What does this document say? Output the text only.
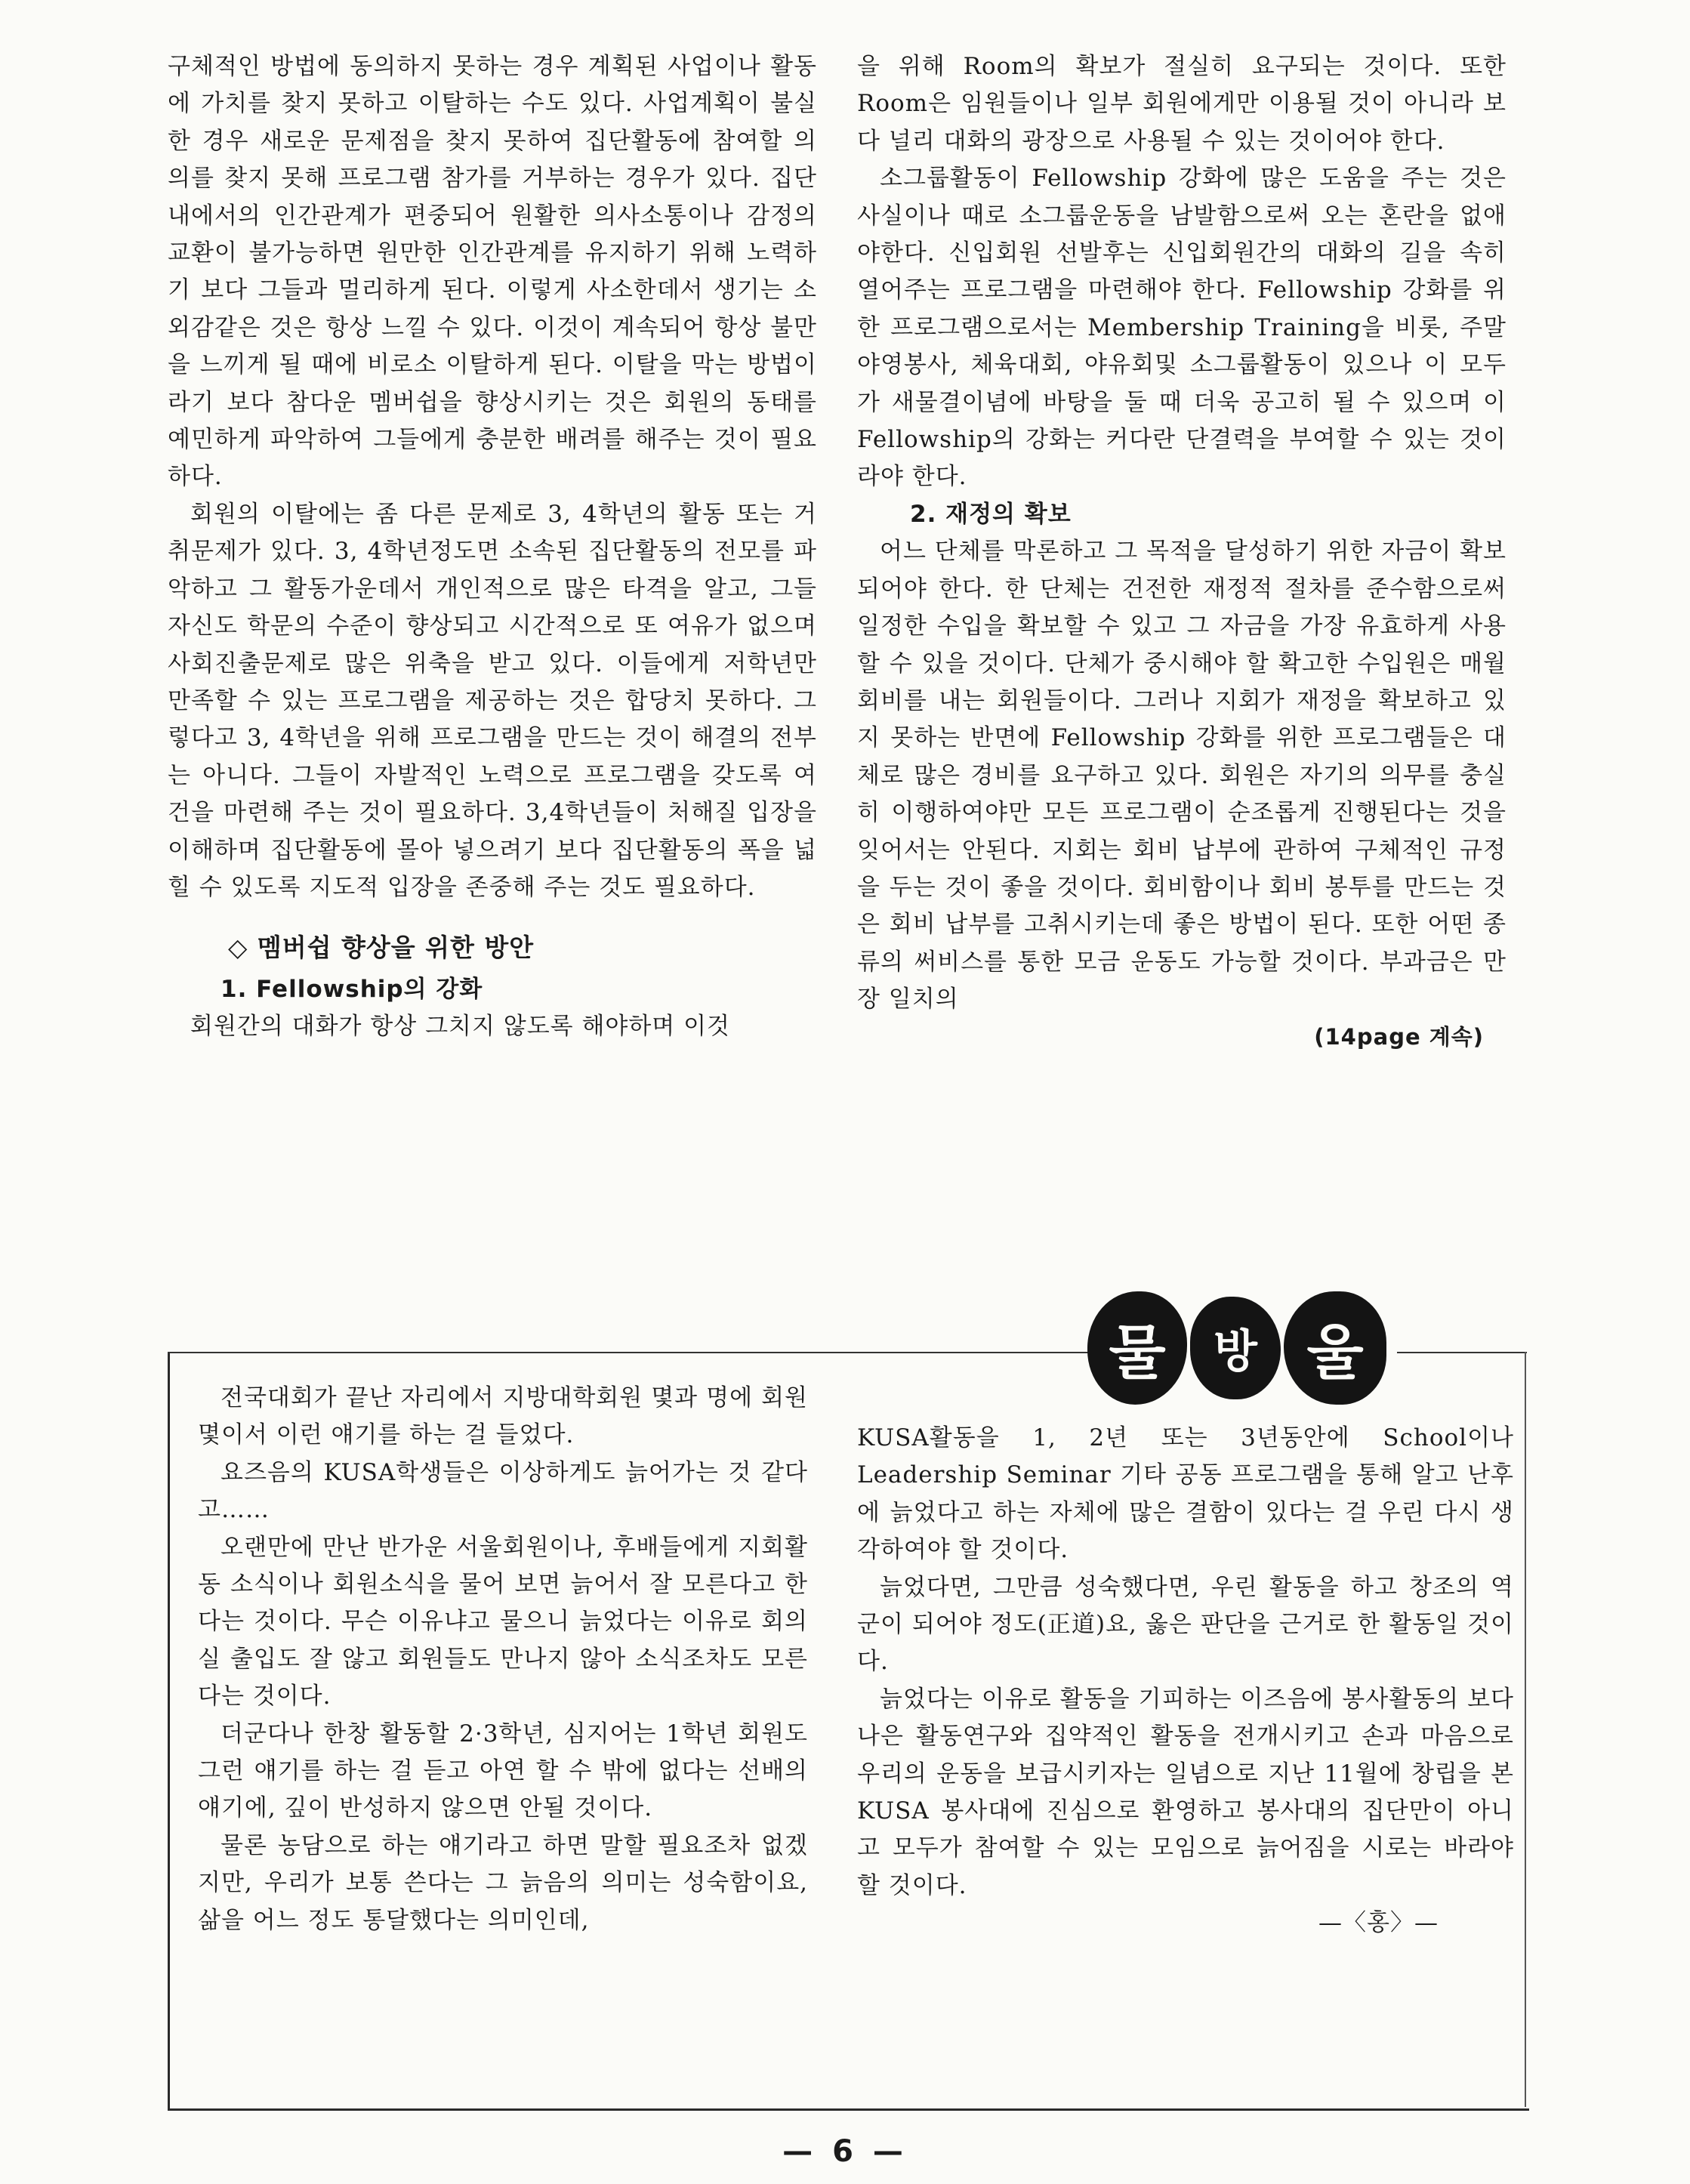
구체적인 방법에 동의하지 못하는 경우 계획된 사업이나 활동에 가치를 찾지 못하고 이탈하는 수도 있다. 사업계획이 불실한 경우 새로운 문제점을 찾지 못하여 집단활동에 참여할 의의를 찾지 못해 프로그램 참가를 거부하는 경우가 있다. 집단내에서의 인간관계가 편중되어 원활한 의사소통이나 감정의 교환이 불가능하면 원만한 인간관계를 유지하기 위해 노력하기 보다 그들과 멀리하게 된다. 이렇게 사소한데서 생기는 소외감같은 것은 항상 느낄 수 있다. 이것이 계속되어 항상 불만을 느끼게 될 때에 비로소 이탈하게 된다. 이탈을 막는 방법이라기 보다 참다운 멤버쉽을 향상시키는 것은 회원의 동태를 예민하게 파악하여 그들에게 충분한 배려를 해주는 것이 필요하다.

회원의 이탈에는 좀 다른 문제로 3, 4학년의 활동 또는 거취문제가 있다. 3, 4학년정도면 소속된 집단활동의 전모를 파악하고 그 활동가운데서 개인적으로 많은 타격을 알고, 그들 자신도 학문의 수준이 향상되고 시간적으로 또 여유가 없으며 사회진출문제로 많은 위축을 받고 있다. 이들에게 저학년만 만족할 수 있는 프로그램을 제공하는 것은 합당치 못하다. 그렇다고 3, 4학년을 위해 프로그램을 만드는 것이 해결의 전부는 아니다. 그들이 자발적인 노력으로 프로그램을 갖도록 여건을 마련해 주는 것이 필요하다. 3,4학년들이 처해질 입장을 이해하며 집단활동에 몰아 넣으려기 보다 집단활동의 폭을 넓힐 수 있도록 지도적 입장을 존중해 주는 것도 필요하다.

◇ 멤버쉽 향상을 위한 방안

1. Fellowship의 강화

회원간의 대화가 항상 그치지 않도록 해야하며 이것

을 위해 Room의 확보가 절실히 요구되는 것이다. 또한 Room은 임원들이나 일부 회원에게만 이용될 것이 아니라 보다 널리 대화의 광장으로 사용될 수 있는 것이어야 한다.

소그룹활동이 Fellowship 강화에 많은 도움을 주는 것은 사실이나 때로 소그룹운동을 남발함으로써 오는 혼란을 없애야한다. 신입회원 선발후는 신입회원간의 대화의 길을 속히 열어주는 프로그램을 마련해야 한다. Fellowship 강화를 위한 프로그램으로서는 Membership Training을 비롯, 주말야영봉사, 체육대회, 야유회및 소그룹활동이 있으나 이 모두가 새물결이념에 바탕을 둘 때 더욱 공고히 될 수 있으며 이 Fellowship의 강화는 커다란 단결력을 부여할 수 있는 것이라야 한다.

2. 재정의 확보

어느 단체를 막론하고 그 목적을 달성하기 위한 자금이 확보되어야 한다. 한 단체는 건전한 재정적 절차를 준수함으로써 일정한 수입을 확보할 수 있고 그 자금을 가장 유효하게 사용할 수 있을 것이다. 단체가 중시해야 할 확고한 수입원은 매월 회비를 내는 회원들이다. 그러나 지회가 재정을 확보하고 있지 못하는 반면에 Fellowship 강화를 위한 프로그램들은 대체로 많은 경비를 요구하고 있다. 회원은 자기의 의무를 충실히 이행하여야만 모든 프로그램이 순조롭게 진행된다는 것을 잊어서는 안된다. 지회는 회비 납부에 관하여 구체적인 규정을 두는 것이 좋을 것이다. 회비함이나 회비 봉투를 만드는 것은 회비 납부를 고취시키는데 좋은 방법이 된다. 또한 어떤 종류의 써비스를 통한 모금 운동도 가능할 것이다. 부과금은 만장 일치의

(14page 계속)

물	방 울

전국대회가 끝난 자리에서 지방대학회원 몇과 명에 회원 몇이서 이런 얘기를 하는 걸 들었다.

요즈음의 KUSA학생들은 이상하게도 늙어가는 것 같다고……

오랜만에 만난 반가운 서울회원이나, 후배들에게 지회활동 소식이나 회원소식을 물어 보면 늙어서 잘 모른다고 한다는 것이다. 무슨 이유냐고 물으니 늙었다는 이유로 회의실 출입도 잘 않고 회원들도 만나지 않아 소식조차도 모른다는 것이다.

더군다나 한창 활동할 2·3학년, 심지어는 1학년 회원도 그런 얘기를 하는 걸 듣고 아연 할 수 밖에 없다는 선배의 얘기에, 깊이 반성하지 않으면 안될 것이다.

물론 농담으로 하는 얘기라고 하면 말할 필요조차 없겠지만, 우리가 보통 쓴다는 그 늙음의 의미는 성숙함이요, 삶을 어느 정도 통달했다는 의미인데,

KUSA활동을 1, 2년 또는 3년동안에 School이나 Leadership Seminar 기타 공동 프로그램을 통해 알고 난후에 늙었다고 하는 자체에 많은 결함이 있다는 걸 우린 다시 생각하여야 할 것이다.

늙었다면, 그만큼 성숙했다면, 우린 활동을 하고 창조의 역군이 되어야 정도(正道)요, 옳은 판단을 근거로 한 활동일 것이다.

늙었다는 이유로 활동을 기피하는 이즈음에 봉사활동의 보다 나은 활동연구와 집약적인 활동을 전개시키고 손과 마음으로 우리의 운동을 보급시키자는 일념으로 지난 11월에 창립을 본 KUSA 봉사대에 진심으로 환영하고 봉사대의 집단만이 아니고 모두가 참여할 수 있는 모임으로 늙어짐을 시로는 바라야 할 것이다.

—〈홍〉—

— 6 —
